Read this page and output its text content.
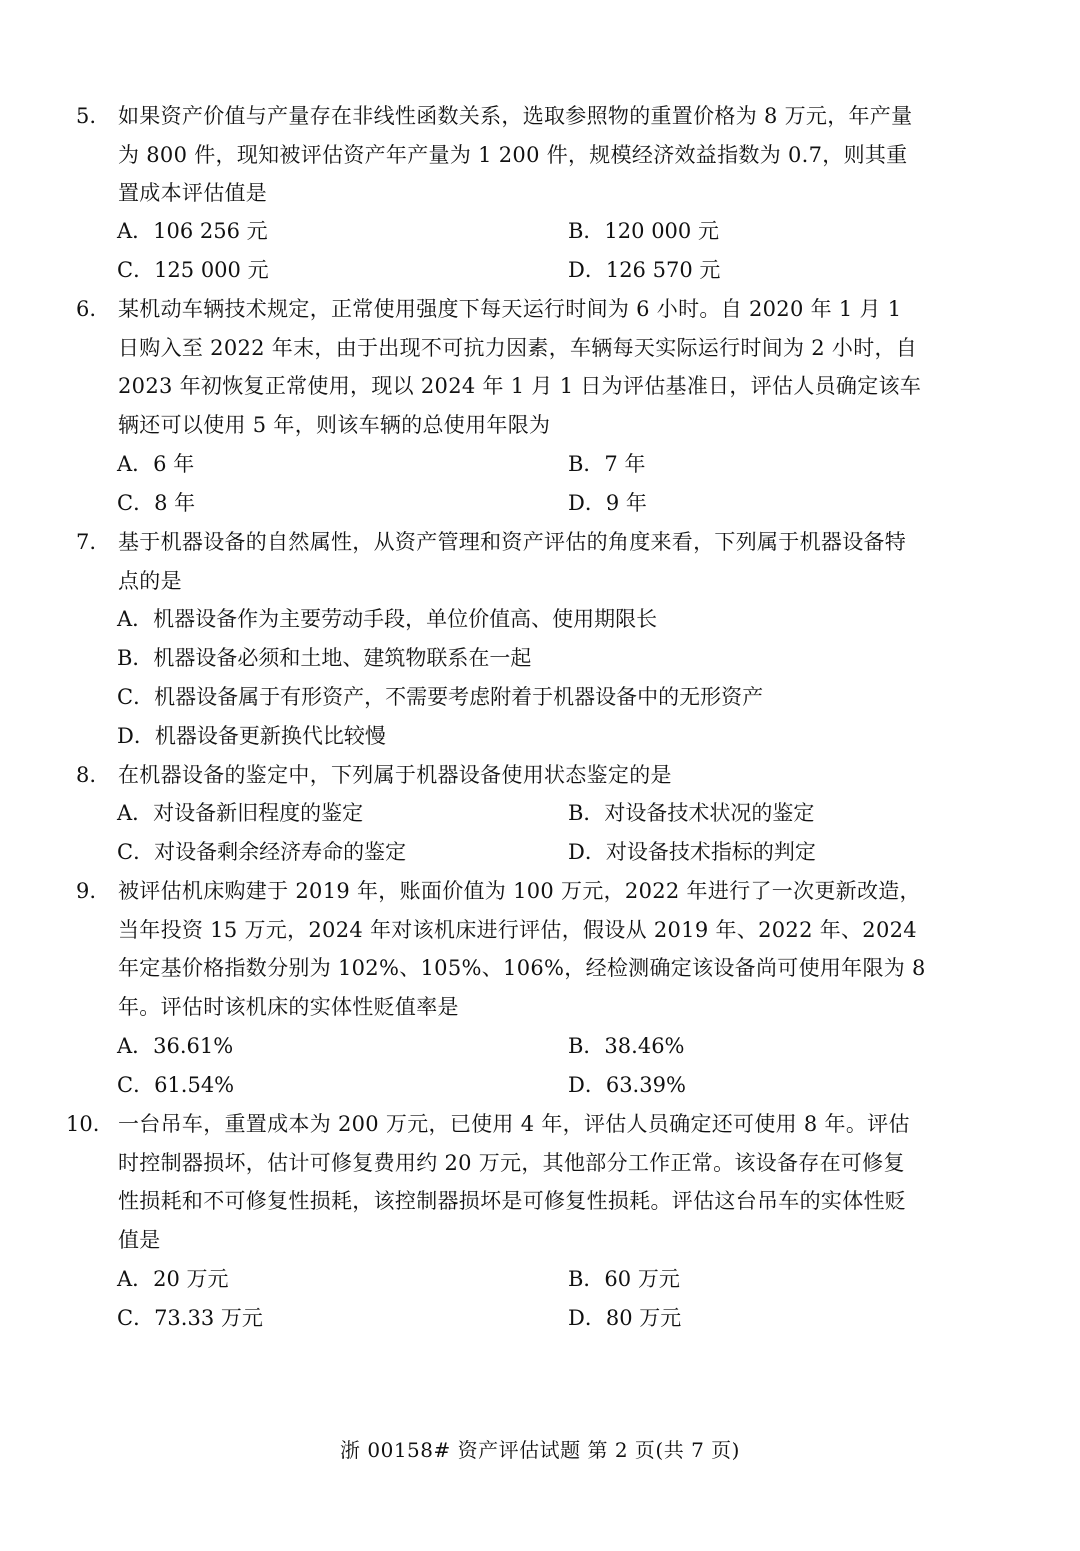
5. 如果资产价值与产量存在非线性函数关系，选取参照物的重置价格为 8 万元，年产量为 800 件，现知被评估资产年产量为 1 200 件，规模经济效益指数为 0.7，则其重置成本评估值是
A．106 256 元	B．120 000 元
C．125 000 元	D．126 570 元
6. 某机动车辆技术规定，正常使用强度下每天运行时间为 6 小时。自 2020 年 1 月 1 日购入至 2022 年末，由于出现不可抗力因素，车辆每天实际运行时间为 2 小时，自 2023 年初恢复正常使用，现以 2024 年 1 月 1 日为评估基准日，评估人员确定该车辆还可以使用 5 年，则该车辆的总使用年限为
A．6 年	B．7 年
C．8 年	D．9 年
7. 基于机器设备的自然属性，从资产管理和资产评估的角度来看，下列属于机器设备特点的是
A．机器设备作为主要劳动手段，单位价值高、使用期限长
B．机器设备必须和土地、建筑物联系在一起
C．机器设备属于有形资产，不需要考虑附着于机器设备中的无形资产
D．机器设备更新换代比较慢
8. 在机器设备的鉴定中，下列属于机器设备使用状态鉴定的是
A．对设备新旧程度的鉴定	B．对设备技术状况的鉴定
C．对设备剩余经济寿命的鉴定	D．对设备技术指标的判定
9. 被评估机床购建于 2019 年，账面价值为 100 万元，2022 年进行了一次更新改造，当年投资 15 万元，2024 年对该机床进行评估，假设从 2019 年、2022 年、2024 年定基价格指数分别为 102%、105%、106%，经检测确定该设备尚可使用年限为 8 年。评估时该机床的实体性贬值率是
A．36.61%	B．38.46%
C．61.54%	D．63.39%
10. 一台吊车，重置成本为 200 万元，已使用 4 年，评估人员确定还可使用 8 年。评估时控制器损坏，估计可修复费用约 20 万元，其他部分工作正常。该设备存在可修复性损耗和不可修复性损耗，该控制器损坏是可修复性损耗。评估这台吊车的实体性贬值是
A．20 万元	B．60 万元
C．73.33 万元	D．80 万元
浙 00158# 资产评估试题 第 2 页(共 7 页)
